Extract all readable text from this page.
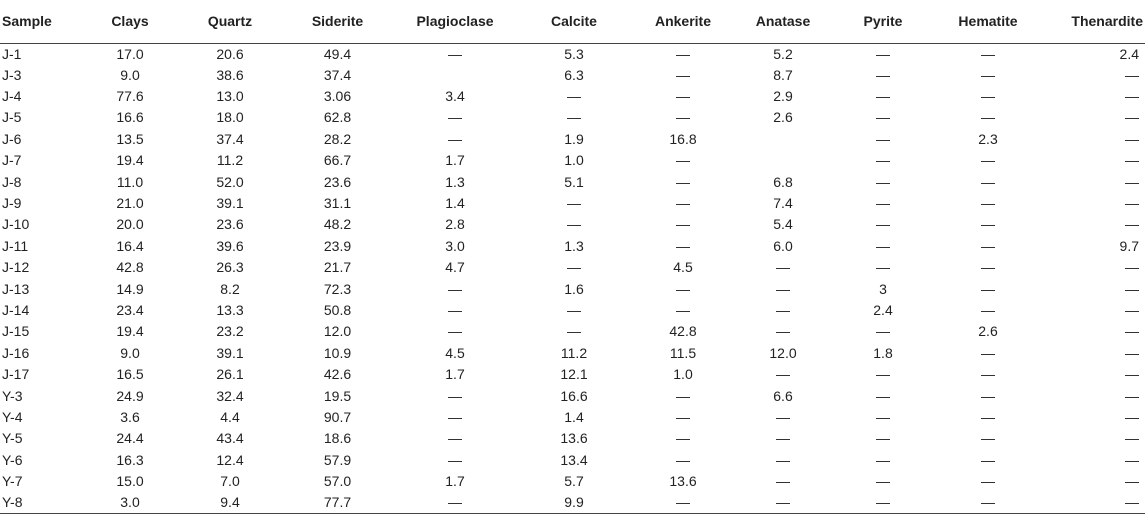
Sample	Clays	Quartz	Siderite	Plagioclase	Calcite	Ankerite	Anatase	Pyrite	Hematite	Thenardite
J-1	17.0	20.6	49.4	—	5.3	—	5.2	—	—	2.4
J-3	9.0	38.6	37.4		6.3	—	8.7	—	—	—
J-4	77.6	13.0	3.06	3.4	—	—	2.9	—	—	—
J-5	16.6	18.0	62.8	—	—	—	2.6	—	—	—
J-6	13.5	37.4	28.2	—	1.9	16.8		—	2.3	—
J-7	19.4	11.2	66.7	1.7	1.0	—		—	—	—
J-8	11.0	52.0	23.6	1.3	5.1	—	6.8	—	—	—
J-9	21.0	39.1	31.1	1.4	—	—	7.4	—	—	—
J-10	20.0	23.6	48.2	2.8	—	—	5.4	—	—	—
J-11	16.4	39.6	23.9	3.0	1.3	—	6.0	—	—	9.7
J-12	42.8	26.3	21.7	4.7	—	4.5	—	—	—	—
J-13	14.9	8.2	72.3	—	1.6	—	—	3	—	—
J-14	23.4	13.3	50.8	—	—	—	—	2.4	—	—
J-15	19.4	23.2	12.0	—	—	42.8	—	—	2.6	—
J-16	9.0	39.1	10.9	4.5	11.2	11.5	12.0	1.8	—	—
J-17	16.5	26.1	42.6	1.7	12.1	1.0	—	—	—	—
Y-3	24.9	32.4	19.5	—	16.6	—	6.6	—	—	—
Y-4	3.6	4.4	90.7	—	1.4	—	—	—	—	—
Y-5	24.4	43.4	18.6	—	13.6	—	—	—	—	—
Y-6	16.3	12.4	57.9	—	13.4	—	—	—	—	—
Y-7	15.0	7.0	57.0	1.7	5.7	13.6	—	—	—	—
Y-8	3.0	9.4	77.7	—	9.9	—	—	—	—	—
